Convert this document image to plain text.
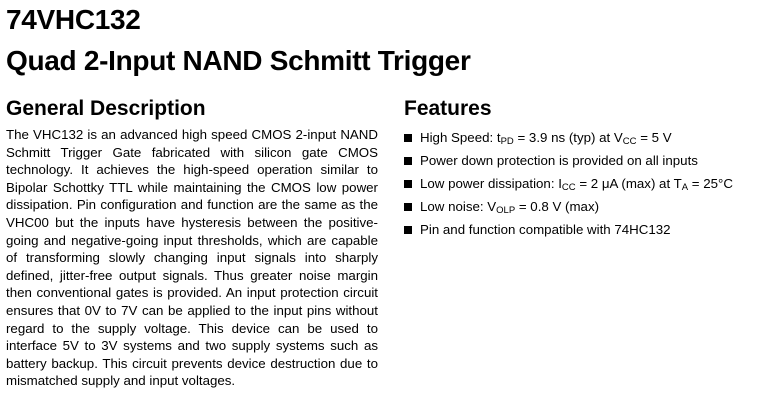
74VHC132
Quad 2-Input NAND Schmitt Trigger
General Description

The VHC132 is an advanced high speed CMOS 2-input NAND Schmitt Trigger Gate fabricated with silicon gate CMOS technology. It achieves the high-speed operation similar to Bipolar Schottky TTL while maintaining the CMOS low power dissipation. Pin configuration and function are the same as the VHC00 but the inputs have hysteresis between the positive-going and negative-going input thresholds, which are capable of transforming slowly changing input signals into sharply defined, jitter-free output signals. Thus greater noise margin then conventional gates is provided. An input protection circuit ensures that 0V to 7V can be applied to the input pins without regard to the supply voltage. This device can be used to interface 5V to 3V systems and two supply systems such as battery backup. This circuit prevents device destruction due to mismatched supply and input voltages.

Features
High Speed: $t_{PD} = 3.9$ ns (typ) at $V_{CC} = 5$ V
Power down protection is provided on all inputs
Low power dissipation: $I_{CC} = 2$ μA (max) at $T_A = 25^\circ C$
Low noise: $V_{OLP} = 0.8$ V (max)
Pin and function compatible with 74HC132
